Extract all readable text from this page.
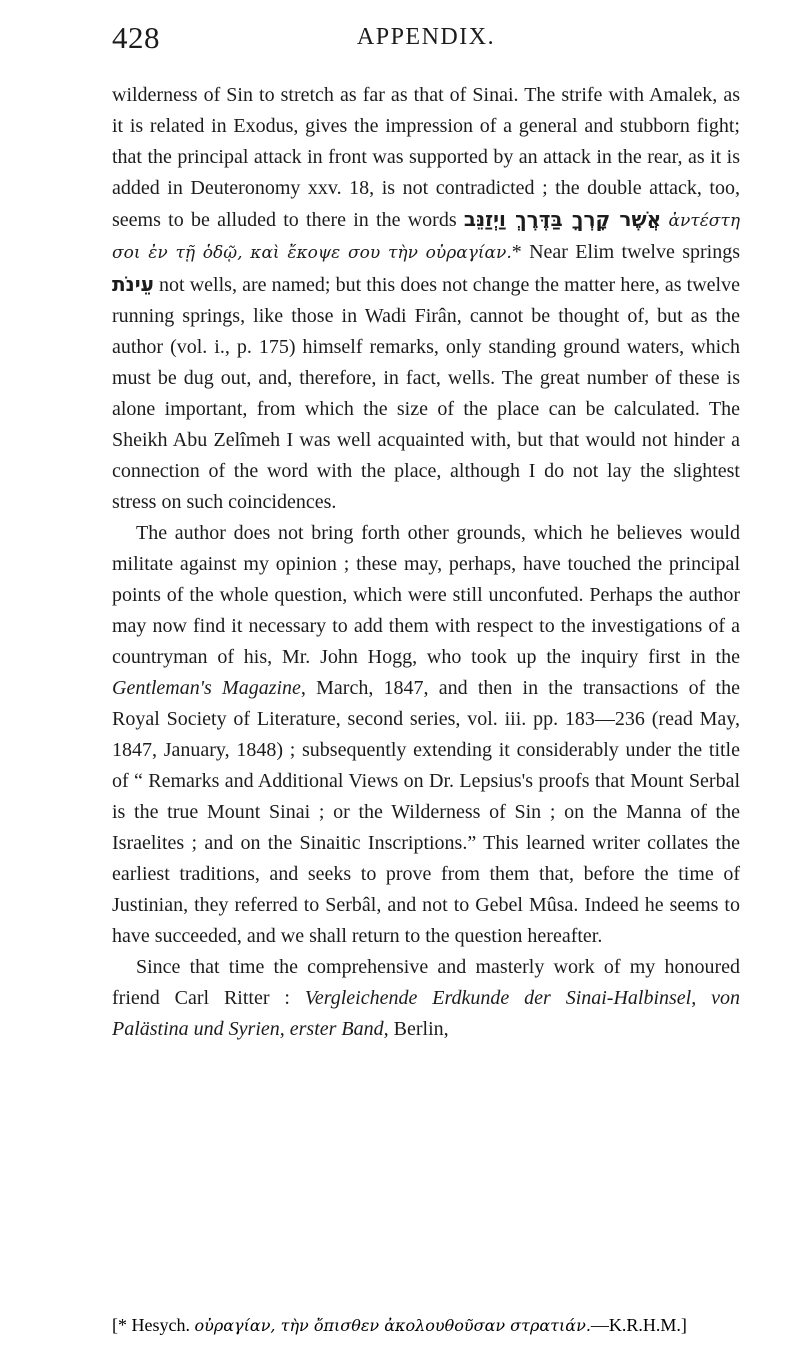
428	APPENDIX.

wilderness of Sin to stretch as far as that of Sinai. The strife with Amalek, as it is related in Exodus, gives the impression of a general and stubborn fight; that the principal attack in front was supported by an attack in the rear, as it is added in Deuteronomy xxv. 18, is not contradicted ; the double attack, too, seems to be alluded to there in the words אֲשֶׁר קָרְךָ בַּדֶּרֶךְ וַיְזַנֵּב ἀντέστη σοι ἐν τῇ ὁδῷ, καὶ ἔκοψε σου τὴν οὐραγίαν.* Near Elim twelve springs עֵינֹת not wells, are named; but this does not change the matter here, as twelve running springs, like those in Wadi Firân, cannot be thought of, but as the author (vol. i., p. 175) himself remarks, only standing ground waters, which must be dug out, and, therefore, in fact, wells. The great number of these is alone important, from which the size of the place can be calculated. The Sheikh Abu Zelîmeh I was well acquainted with, but that would not hinder a connection of the word with the place, although I do not lay the slightest stress on such coincidences.

The author does not bring forth other grounds, which he believes would militate against my opinion ; these may, perhaps, have touched the principal points of the whole question, which were still unconfuted. Perhaps the author may now find it necessary to add them with respect to the investigations of a countryman of his, Mr. John Hogg, who took up the inquiry first in the Gentleman's Magazine, March, 1847, and then in the transactions of the Royal Society of Literature, second series, vol. iii. pp. 183—236 (read May, 1847, January, 1848) ; subsequently extending it considerably under the title of “ Remarks and Additional Views on Dr. Lepsius's proofs that Mount Serbal is the true Mount Sinai ; or the Wilderness of Sin ; on the Manna of the Israelites ; and on the Sinaitic Inscriptions.” This learned writer collates the earliest traditions, and seeks to prove from them that, before the time of Justinian, they referred to Serbâl, and not to Gebel Mûsa. Indeed he seems to have succeeded, and we shall return to the question hereafter.

Since that time the comprehensive and masterly work of my honoured friend Carl Ritter : Vergleichende Erdkunde der Sinai-Halbinsel, von Palästina und Syrien, erster Band, Berlin,

[* Hesych. οὐραγίαν, τὴν ὄπισθεν ἀκολουθοῦσαν στρατιάν.—K.R.H.M.]
